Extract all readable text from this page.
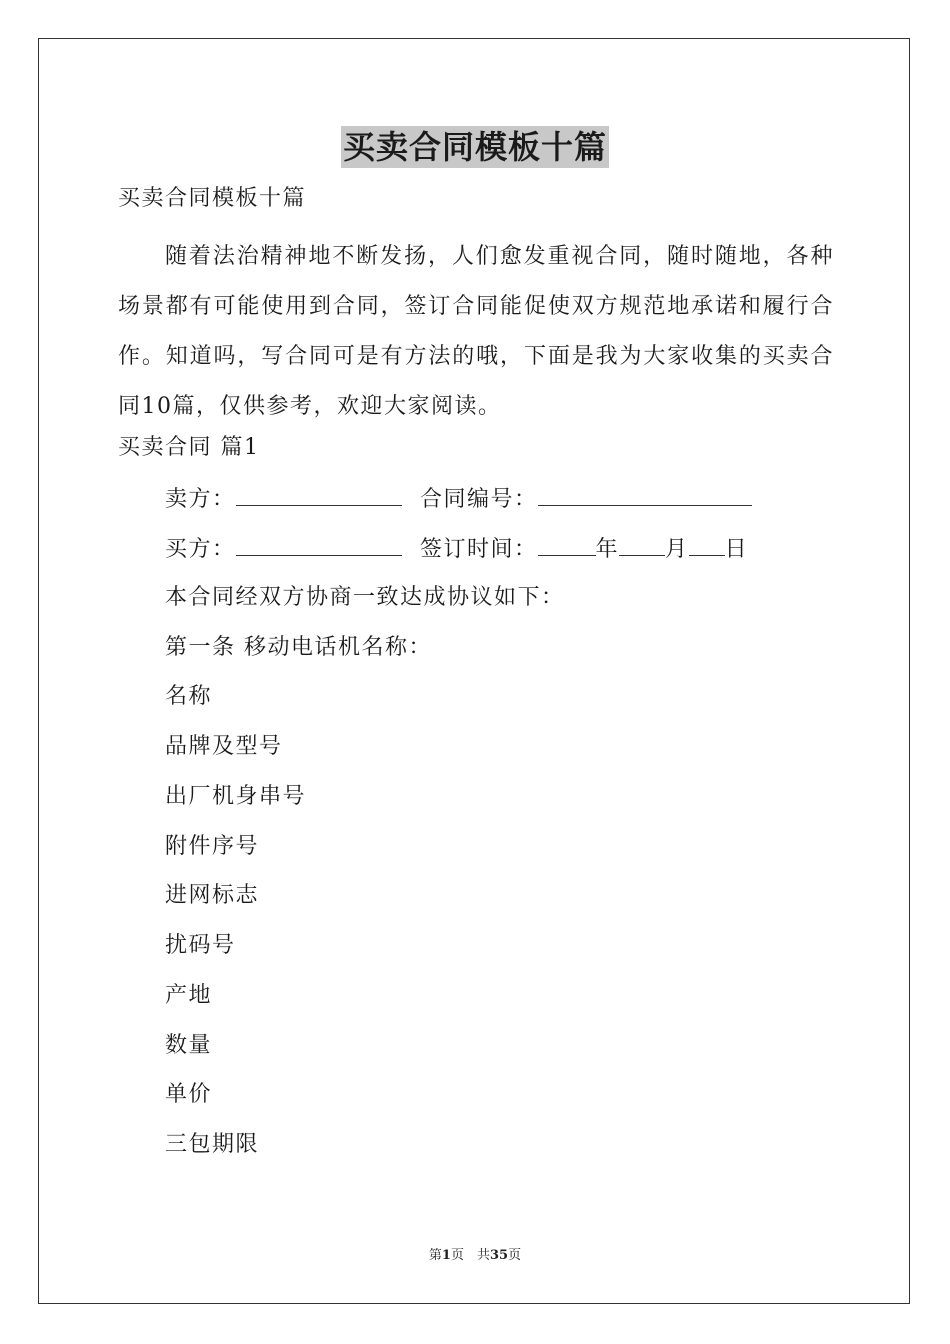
买卖合同模板十篇
买卖合同模板十篇
随着法治精神地不断发扬，人们愈发重视合同，随时随地，各种场景都有可能使用到合同，签订合同能促使双方规范地承诺和履行合作。知道吗，写合同可是有方法的哦，下面是我为大家收集的买卖合同10篇，仅供参考，欢迎大家阅读。
买卖合同 篇1
卖方：	合同编号：
买方：	签订时间：	年 月 日
本合同经双方协商一致达成协议如下：
第一条 移动电话机名称：
名称
品牌及型号
出厂机身串号
附件序号
进网标志
扰码号
产地
数量
单价
三包期限
第1页　共35页
